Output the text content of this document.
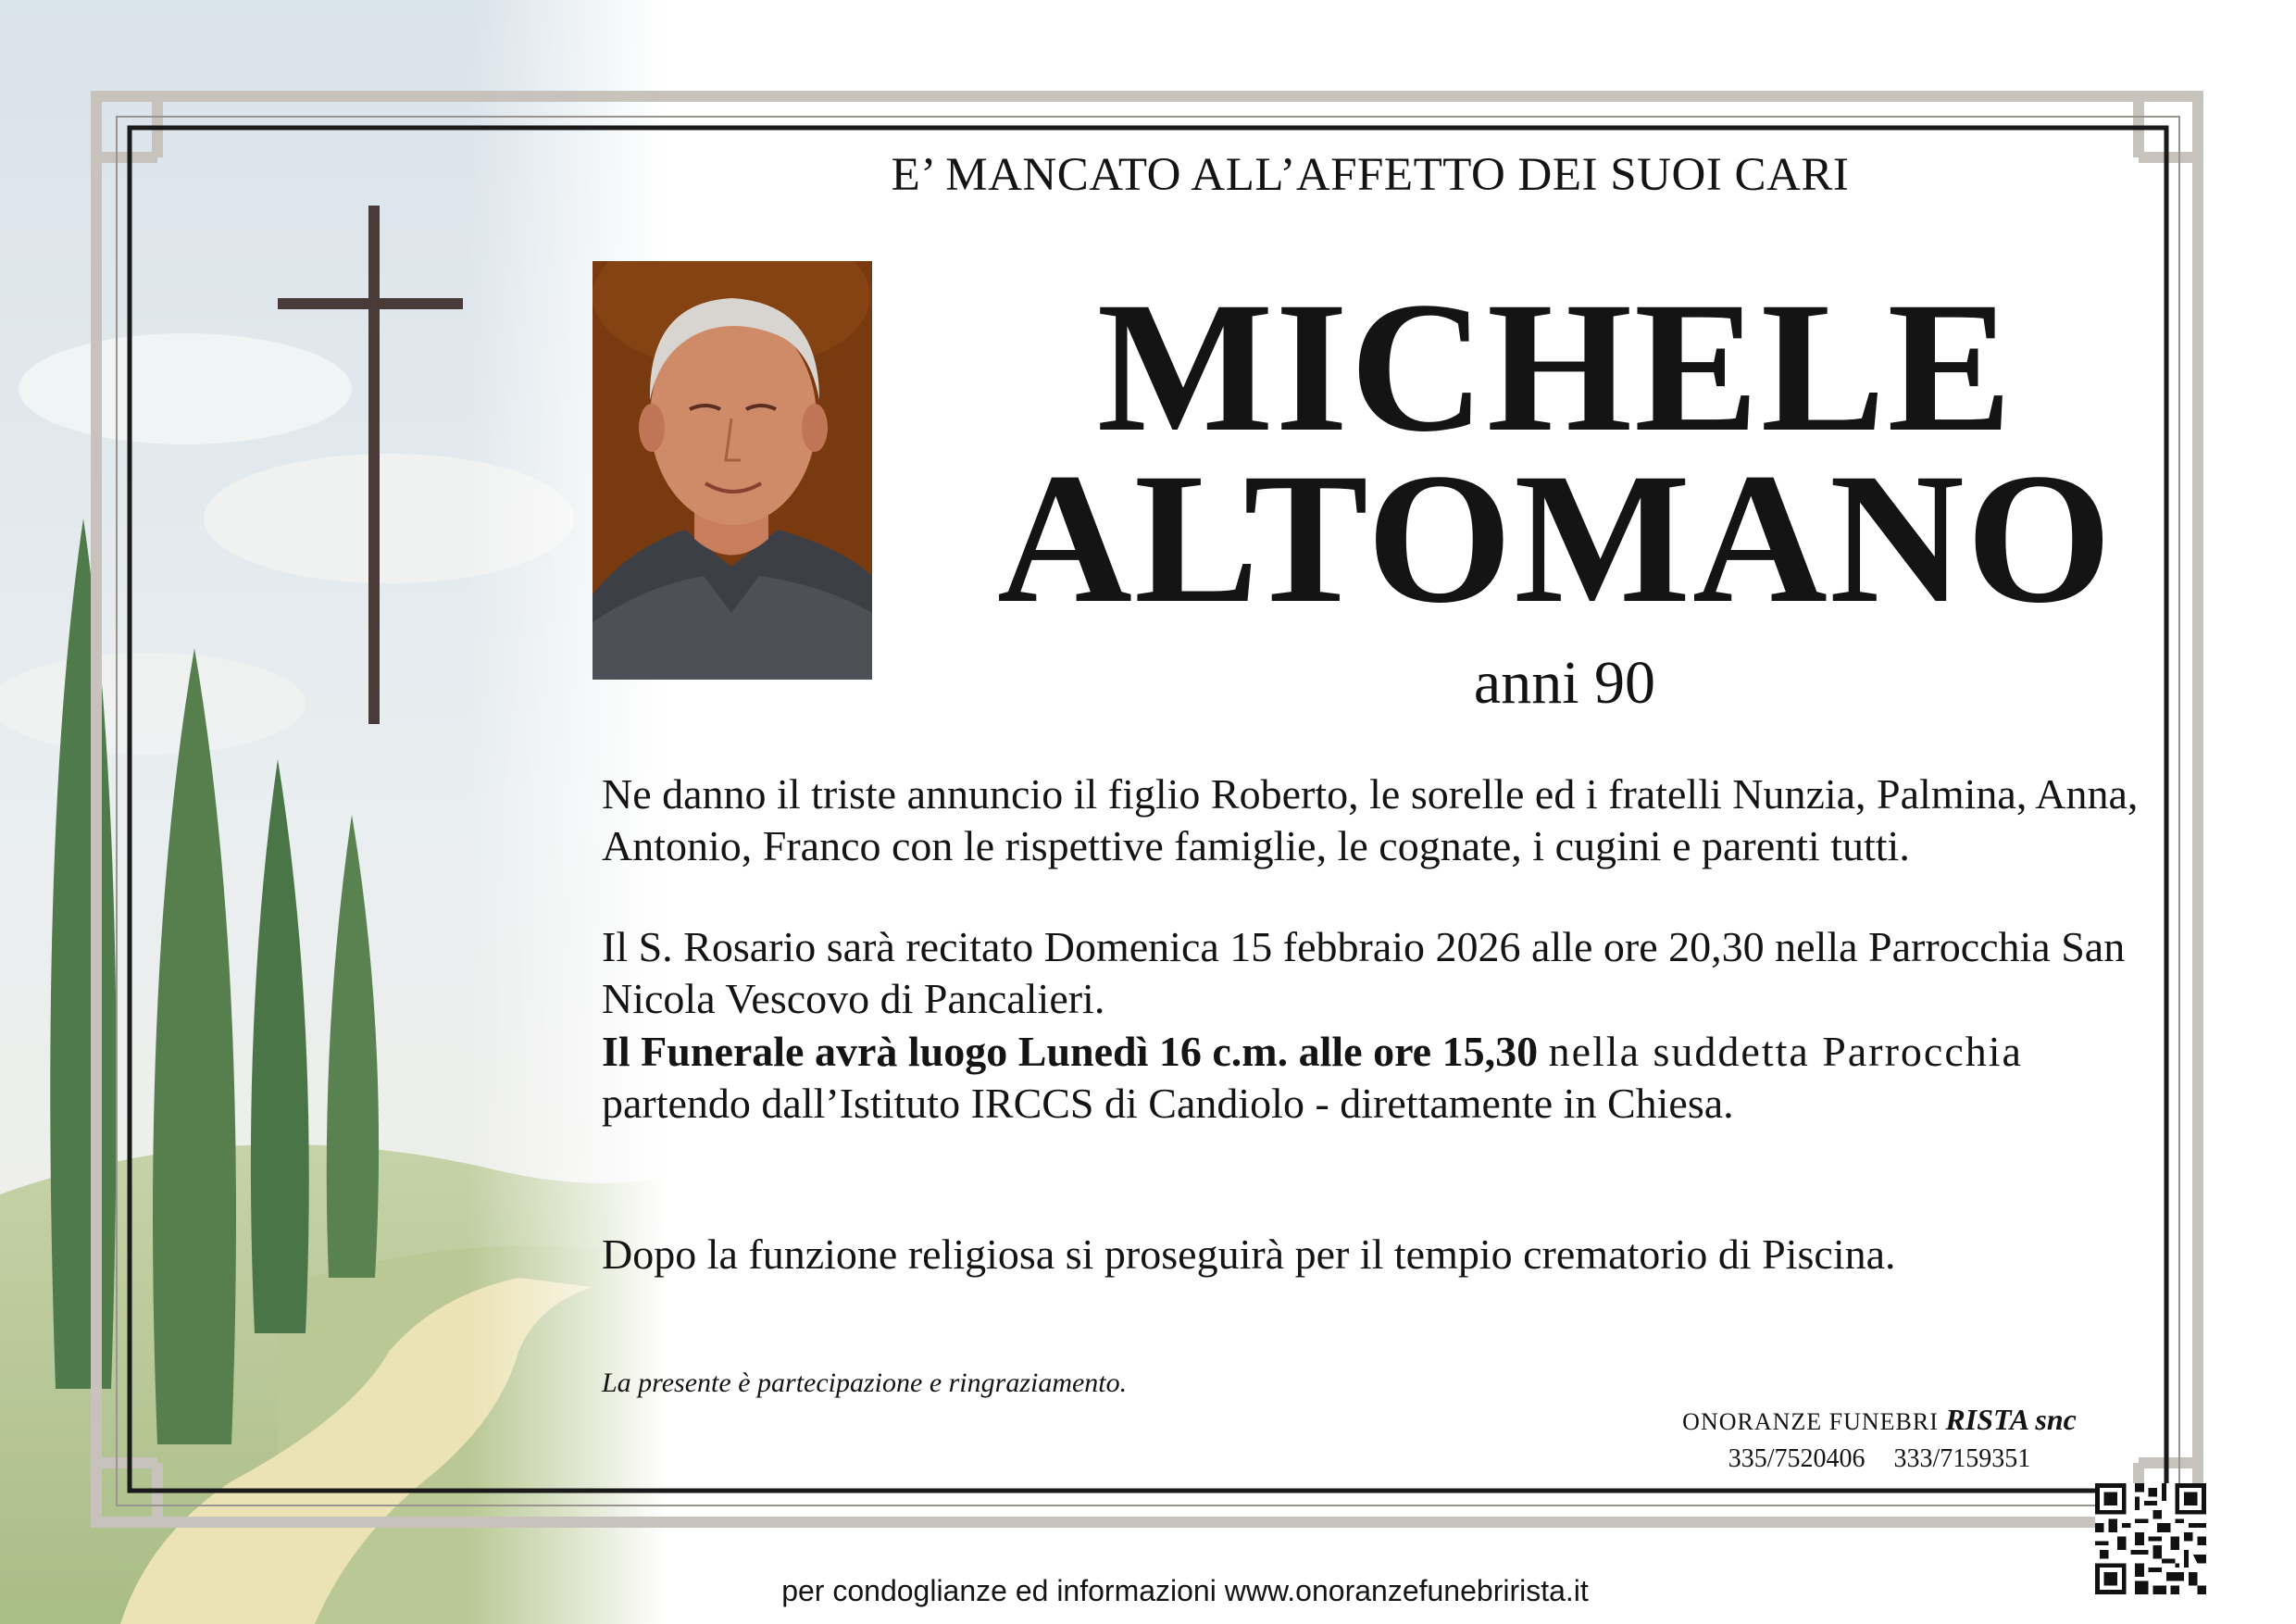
E’ MANCATO ALL’AFFETTO DEI SUOI CARI
MICHELE
ALTOMANO
anni 90
Ne danno il triste annuncio il figlio Roberto, le sorelle ed i fratelli Nunzia, Palmina, Anna, Antonio, Franco con le rispettive famiglie, le cognate, i cugini e parenti tutti.
Il S. Rosario sarà recitato Domenica 15 febbraio 2026 alle ore 20,30 nella Parrocchia San Nicola Vescovo di Pancalieri.
Il Funerale avrà luogo Lunedì 16 c.m. alle ore 15,30 nella suddetta Parrocchia
partendo dall’Istituto IRCCS di Candiolo - direttamente in Chiesa.
Dopo la funzione religiosa si proseguirà per il tempio crematorio di Piscina.
La presente è partecipazione e ringraziamento.
ONORANZE FUNEBRI RISTA snc
335/7520406 333/7159351
per condoglianze ed informazioni www.onoranzefunebrirista.it
